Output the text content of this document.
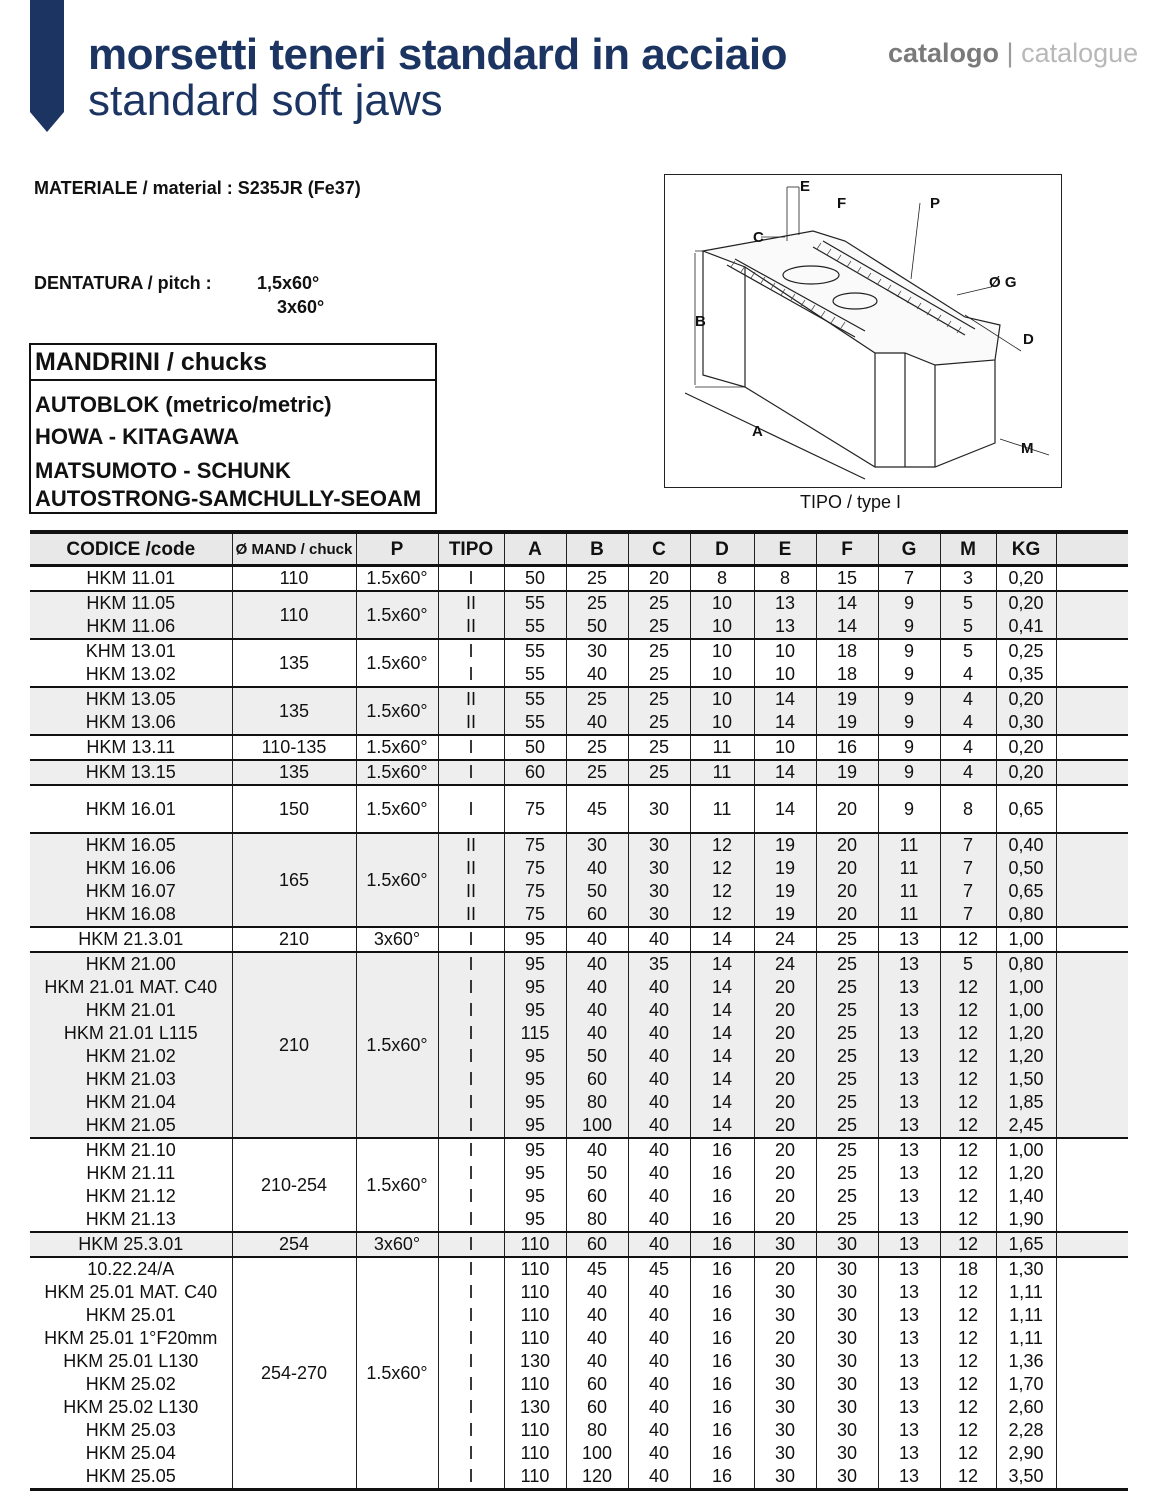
morsetti teneri standard in acciaio
standard soft jaws
catalogo | catalogue
MATERIALE / material : S235JR (Fe37)
DENTATURA / pitch :	1,5x60°
3x60°
MANDRINI / chucks
AUTOBLOK (metrico/metric)
HOWA - KITAGAWA
MATSUMOTO - SCHUNK
AUTOSTRONG-SAMCHULLY-SEOAM
E
F	P
C
Ø G
B
D
A
M
TIPO / type I
CODICE /code	Ø MAND / chuck	P	TIPO	A	B	C	D	E	F	G	M	KG	
HKM 11.01	110	1.5x60°	I	50	25	20	8	8	15	7	3	0,20	
HKM 11.05	110	1.5x60°	II	55	25	25	10	13	14	9	5	0,20	
HKM 11.06			II	55	50	25	10	13	14	9	5	0,41	
KHM 13.01	135	1.5x60°	I	55	30	25	10	10	18	9	5	0,25	
HKM 13.02			I	55	40	25	10	10	18	9	4	0,35	
HKM 13.05	135	1.5x60°	II	55	25	25	10	14	19	9	4	0,20	
HKM 13.06			II	55	40	25	10	14	19	9	4	0,30	
HKM 13.11	110-135	1.5x60°	I	50	25	25	11	10	16	9	4	0,20	
HKM 13.15	135	1.5x60°	I	60	25	25	11	14	19	9	4	0,20	
HKM 16.01	150	1.5x60°	I	75	45	30	11	14	20	9	8	0,65	
HKM 16.05	165	1.5x60°	II	75	30	30	12	19	20	11	7	0,40	
HKM 16.06			II	75	40	30	12	19	20	11	7	0,50	
HKM 16.07			II	75	50	30	12	19	20	11	7	0,65	
HKM 16.08			II	75	60	30	12	19	20	11	7	0,80	
HKM 21.3.01	210	3x60°	I	95	40	40	14	24	25	13	12	1,00	
HKM 21.00	210	1.5x60°	I	95	40	35	14	24	25	13	5	0,80	
HKM 21.01 MAT. C40			I	95	40	40	14	20	25	13	12	1,00	
HKM 21.01			I	95	40	40	14	20	25	13	12	1,00	
HKM 21.01 L115			I	115	40	40	14	20	25	13	12	1,20	
HKM 21.02			I	95	50	40	14	20	25	13	12	1,20	
HKM 21.03			I	95	60	40	14	20	25	13	12	1,50	
HKM 21.04			I	95	80	40	14	20	25	13	12	1,85	
HKM 21.05			I	95	100	40	14	20	25	13	12	2,45	
HKM 21.10	210-254	1.5x60°	I	95	40	40	16	20	25	13	12	1,00	
HKM 21.11			I	95	50	40	16	20	25	13	12	1,20	
HKM 21.12			I	95	60	40	16	20	25	13	12	1,40	
HKM 21.13			I	95	80	40	16	20	25	13	12	1,90	
HKM 25.3.01	254	3x60°	I	110	60	40	16	30	30	13	12	1,65	
10.22.24/A	254-270	1.5x60°	I	110	45	45	16	20	30	13	18	1,30	
HKM 25.01 MAT. C40			I	110	40	40	16	30	30	13	12	1,11	
HKM 25.01			I	110	40	40	16	30	30	13	12	1,11	
HKM 25.01 1°F20mm			I	110	40	40	16	20	30	13	12	1,11	
HKM 25.01 L130			I	130	40	40	16	30	30	13	12	1,36	
HKM 25.02			I	110	60	40	16	30	30	13	12	1,70	
HKM 25.02 L130			I	130	60	40	16	30	30	13	12	2,60	
HKM 25.03			I	110	80	40	16	30	30	13	12	2,28	
HKM 25.04			I	110	100	40	16	30	30	13	12	2,90	
HKM 25.05			I	110	120	40	16	30	30	13	12	3,50	
